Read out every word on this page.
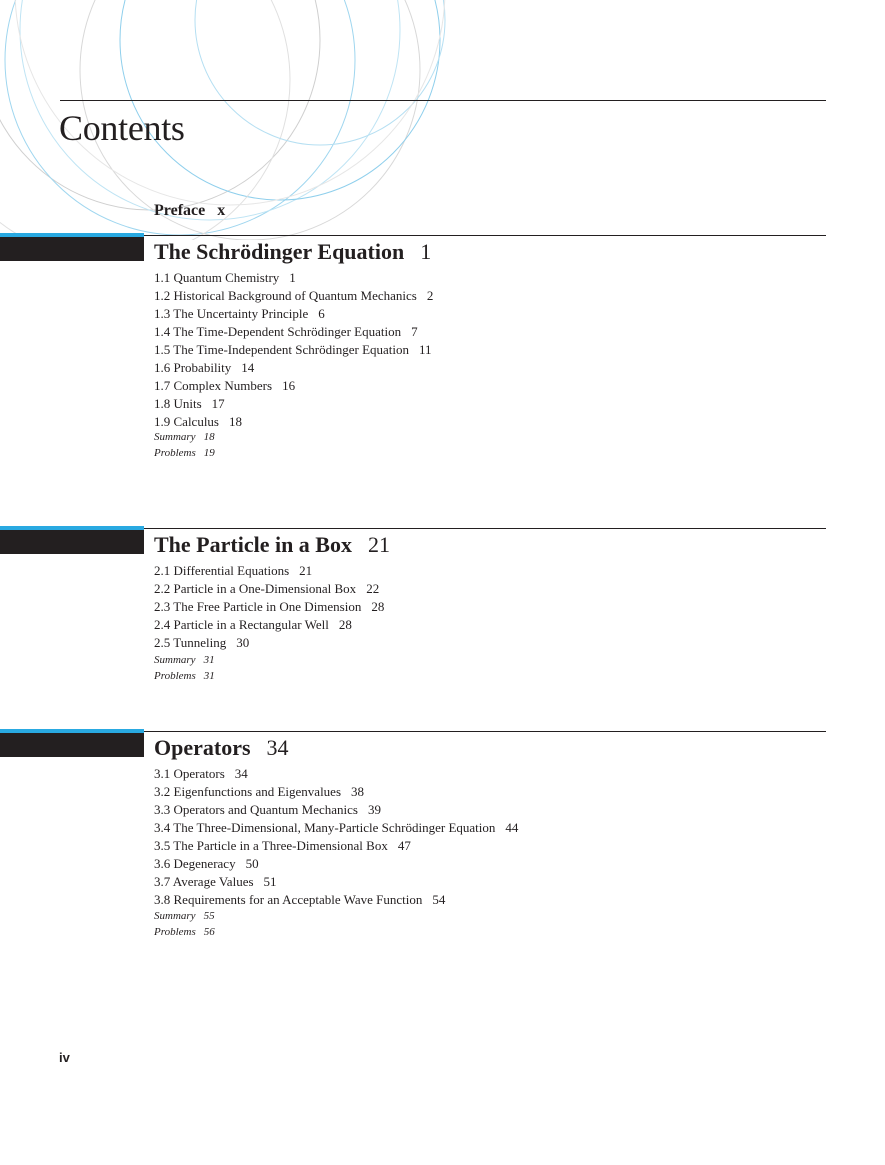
Contents
Preface x
Chapter 1
The Schrödinger Equation 1
1.1 Quantum Chemistry 1
1.2 Historical Background of Quantum Mechanics 2
1.3 The Uncertainty Principle 6
1.4 The Time-Dependent Schrödinger Equation 7
1.5 The Time-Independent Schrödinger Equation 11
1.6 Probability 14
1.7 Complex Numbers 16
1.8 Units 17
1.9 Calculus 18
Summary 18
Problems 19
Chapter 2
The Particle in a Box 21
2.1 Differential Equations 21
2.2 Particle in a One-Dimensional Box 22
2.3 The Free Particle in One Dimension 28
2.4 Particle in a Rectangular Well 28
2.5 Tunneling 30
Summary 31
Problems 31
Chapter 3
Operators 34
3.1 Operators 34
3.2 Eigenfunctions and Eigenvalues 38
3.3 Operators and Quantum Mechanics 39
3.4 The Three-Dimensional, Many-Particle Schrödinger Equation 44
3.5 The Particle in a Three-Dimensional Box 47
3.6 Degeneracy 50
3.7 Average Values 51
3.8 Requirements for an Acceptable Wave Function 54
Summary 55
Problems 56
iv
